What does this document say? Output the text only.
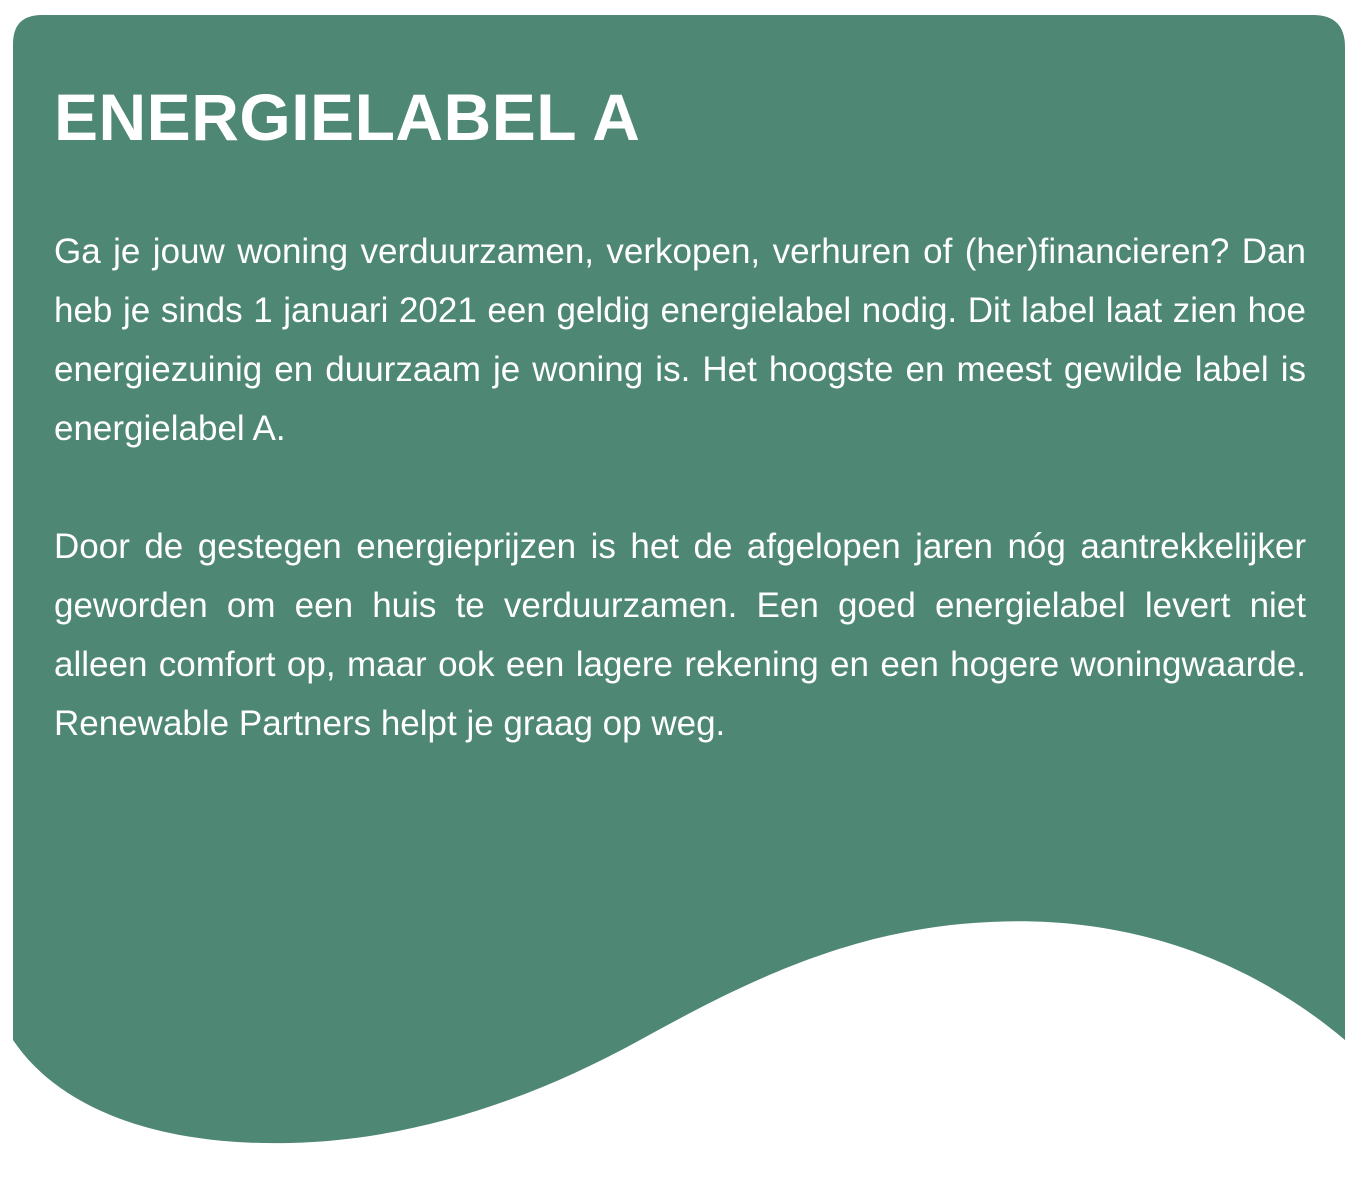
ENERGIELABEL A

Ga je jouw woning verduurzamen, verkopen, verhuren of (her)financieren? Dan heb je sinds 1 januari 2021 een geldig energielabel nodig. Dit label laat zien hoe energiezuinig en duurzaam je woning is. Het hoogste en meest gewilde label is energielabel A.

Door de gestegen energieprijzen is het de afgelopen jaren nóg aantrekkelijker geworden om een huis te verduurzamen. Een goed energielabel levert niet alleen comfort op, maar ook een lagere rekening en een hogere woningwaarde. Renewable Partners helpt je graag op weg.
